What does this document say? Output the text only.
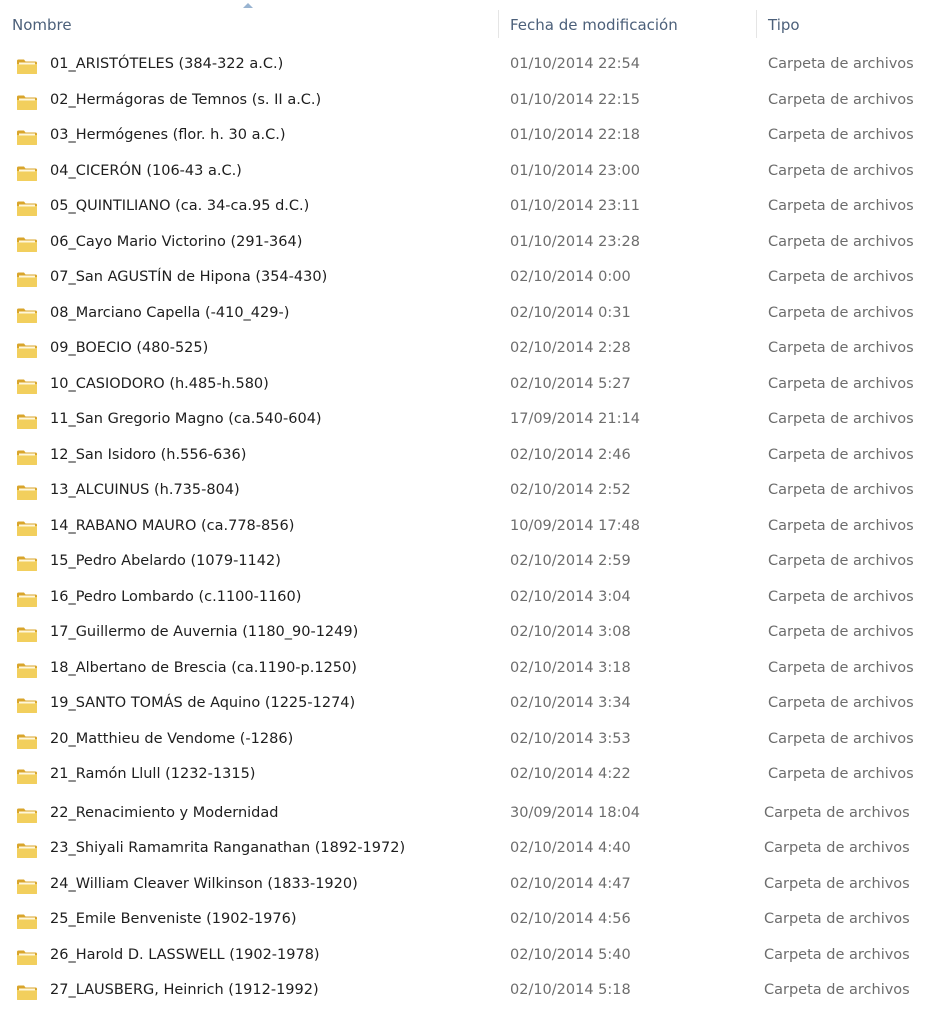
Nombre	Fecha de modificación	Tipo
01_ARISTÓTELES (384-322 a.C.)	01/10/2014 22:54	Carpeta de archivos
02_Hermágoras de Temnos (s. II a.C.)	01/10/2014 22:15	Carpeta de archivos
03_Hermógenes (flor. h. 30 a.C.)	01/10/2014 22:18	Carpeta de archivos
04_CICERÓN (106-43 a.C.)	01/10/2014 23:00	Carpeta de archivos
05_QUINTILIANO (ca. 34-ca.95 d.C.)	01/10/2014 23:11	Carpeta de archivos
06_Cayo Mario Victorino (291-364)	01/10/2014 23:28	Carpeta de archivos
07_San AGUSTÍN de Hipona (354-430)	02/10/2014 0:00	Carpeta de archivos
08_Marciano Capella (-410_429-)	02/10/2014 0:31	Carpeta de archivos
09_BOECIO (480-525)	02/10/2014 2:28	Carpeta de archivos
10_CASIODORO (h.485-h.580)	02/10/2014 5:27	Carpeta de archivos
11_San Gregorio Magno (ca.540-604)	17/09/2014 21:14	Carpeta de archivos
12_San Isidoro (h.556-636)	02/10/2014 2:46	Carpeta de archivos
13_ALCUINUS (h.735-804)	02/10/2014 2:52	Carpeta de archivos
14_RABANO MAURO (ca.778-856)	10/09/2014 17:48	Carpeta de archivos
15_Pedro Abelardo (1079-1142)	02/10/2014 2:59	Carpeta de archivos
16_Pedro Lombardo (c.1100-1160)	02/10/2014 3:04	Carpeta de archivos
17_Guillermo de Auvernia (1180_90-1249)	02/10/2014 3:08	Carpeta de archivos
18_Albertano de Brescia (ca.1190-p.1250)	02/10/2014 3:18	Carpeta de archivos
19_SANTO TOMÁS de Aquino (1225-1274)	02/10/2014 3:34	Carpeta de archivos
20_Matthieu de Vendome (-1286)	02/10/2014 3:53	Carpeta de archivos
21_Ramón Llull (1232-1315)	02/10/2014 4:22	Carpeta de archivos
22_Renacimiento y Modernidad	30/09/2014 18:04	Carpeta de archivos
23_Shiyali Ramamrita Ranganathan (1892-1972)	02/10/2014 4:40	Carpeta de archivos
24_William Cleaver Wilkinson (1833-1920)	02/10/2014 4:47	Carpeta de archivos
25_Emile Benveniste (1902-1976)	02/10/2014 4:56	Carpeta de archivos
26_Harold D. LASSWELL (1902-1978)	02/10/2014 5:40	Carpeta de archivos
27_LAUSBERG, Heinrich (1912-1992)	02/10/2014 5:18	Carpeta de archivos
